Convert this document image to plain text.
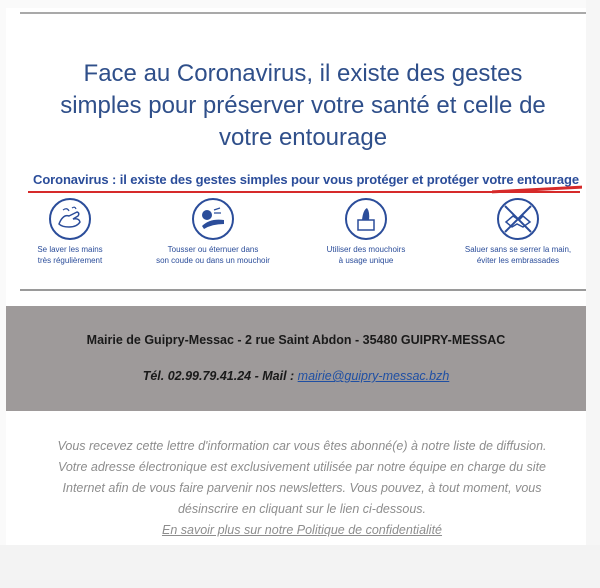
Face au Coronavirus, il existe des gestes
simples pour préserver votre santé et celle de
votre entourage
Coronavirus : il existe des gestes simples pour vous protéger et protéger votre entourage
Se laver les mains
très régulièrement
Tousser ou éternuer dans
son coude ou dans un mouchoir
Utiliser des mouchoirs
à usage unique
Saluer sans se serrer la main,
éviter les embrassades
Mairie de Guipry-Messac - 2 rue Saint Abdon - 35480 GUIPRY-MESSAC
Tél. 02.99.79.41.24 - Mail : mairie@guipry-messac.bzh
Vous recevez cette lettre d'information car vous êtes abonné(e) à notre liste de diffusion.
Votre adresse électronique est exclusivement utilisée par notre équipe en charge du site
Internet afin de vous faire parvenir nos newsletters. Vous pouvez, à tout moment, vous
désinscrire en cliquant sur le lien ci-dessous.
En savoir plus sur notre Politique de confidentialité
